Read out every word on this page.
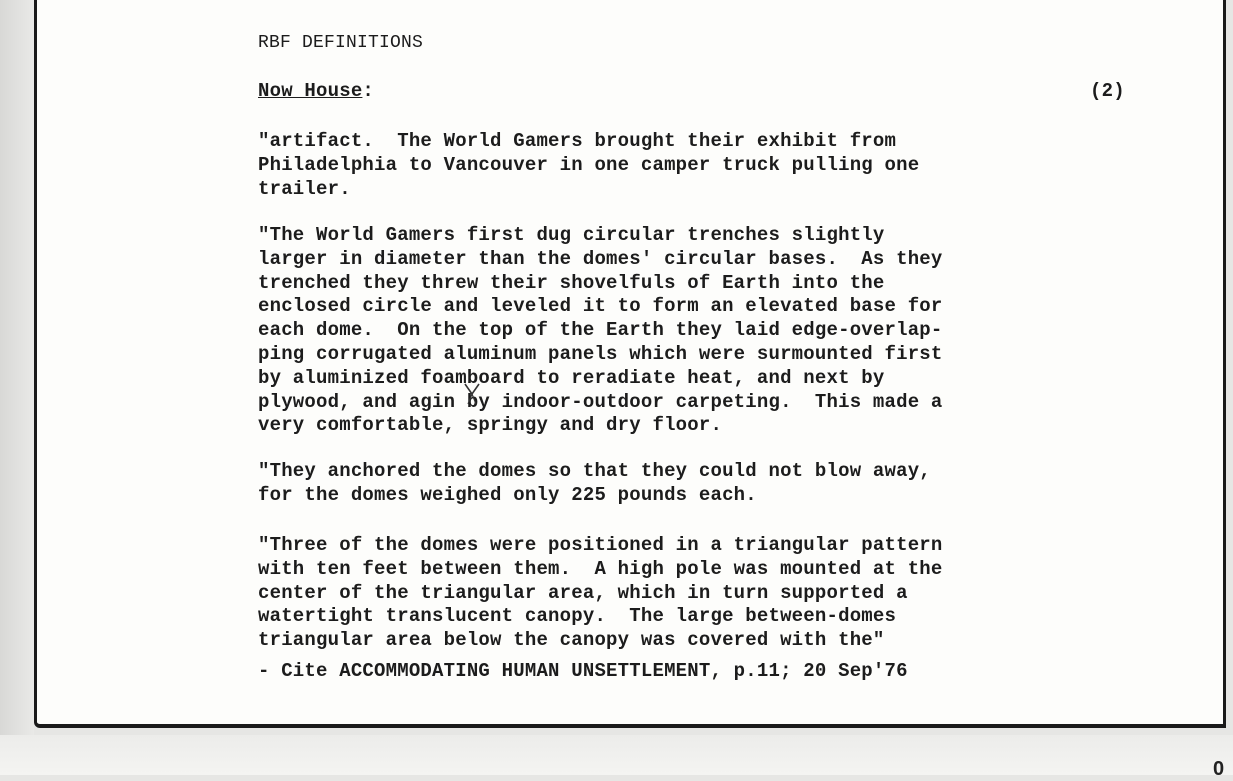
RBF DEFINITIONS
Now House:	(2)
"artifact.  The World Gamers brought their exhibit from
Philadelphia to Vancouver in one camper truck pulling one
trailer.
"The World Gamers first dug circular trenches slightly
larger in diameter than the domes' circular bases.  As they
trenched they threw their shovelfuls of Earth into the
enclosed circle and leveled it to form an elevated base for
each dome.  On the top of the Earth they laid edge-overlap-
ping corrugated aluminum panels which were surmounted first
by aluminized foamboard to reradiate heat, and next by
plywood, and agin by indoor-outdoor carpeting.  This made a
very comfortable, springy and dry floor.
"They anchored the domes so that they could not blow away,
for the domes weighed only 225 pounds each.
"Three of the domes were positioned in a triangular pattern
with ten feet between them.  A high pole was mounted at the
center of the triangular area, which in turn supported a
watertight translucent canopy.  The large between-domes
triangular area below the canopy was covered with the"
- Cite ACCOMMODATING HUMAN UNSETTLEMENT, p.11; 20 Sep'76
0
